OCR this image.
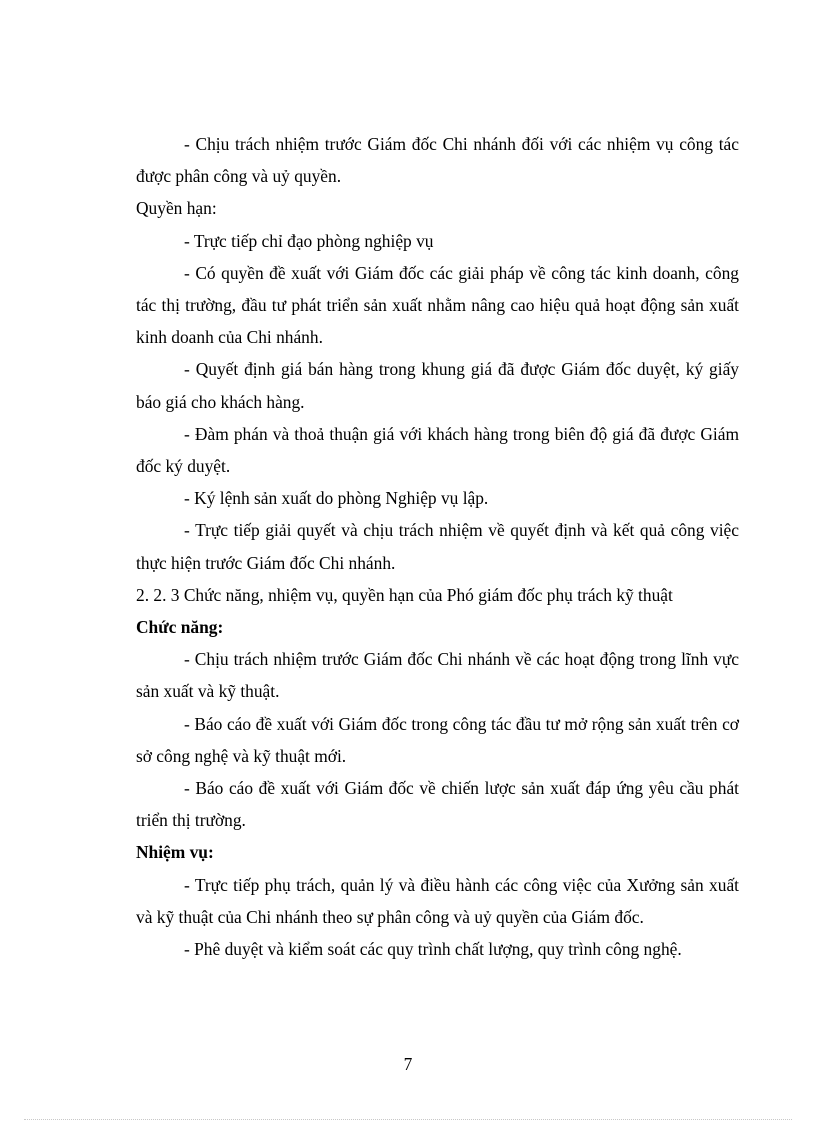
- Chịu trách nhiệm trước Giám đốc Chi nhánh đối với các nhiệm vụ công tác được phân công và uỷ quyền.

Quyền hạn:

- Trực tiếp chỉ đạo phòng nghiệp vụ

- Có quyền đề xuất với Giám đốc các giải pháp về công tác kinh doanh, công tác thị trường, đầu tư phát triển sản xuất nhằm nâng cao hiệu quả hoạt động sản xuất kinh doanh của Chi nhánh.

- Quyết định giá bán hàng trong khung giá đã được Giám đốc duyệt, ký giấy báo giá cho khách hàng.

- Đàm phán và thoả thuận giá với khách hàng trong biên độ giá đã được Giám đốc ký duyệt.

- Ký lệnh sản xuất do phòng Nghiệp vụ lập.

- Trực tiếp giải quyết và chịu trách nhiệm về quyết định và kết quả công việc thực hiện trước Giám đốc Chi nhánh.

2. 2. 3 Chức năng, nhiệm vụ, quyền hạn của Phó giám đốc phụ trách kỹ thuật

Chức năng:

- Chịu trách nhiệm trước Giám đốc Chi nhánh về các hoạt động trong lĩnh vực sản xuất và kỹ thuật.

- Báo cáo đề xuất với Giám đốc trong công tác đầu tư mở rộng sản xuất trên cơ sở công nghệ và kỹ thuật mới.

- Báo cáo đề xuất với Giám đốc về chiến lược sản xuất đáp ứng yêu cầu phát triển thị trường.

Nhiệm vụ:

- Trực tiếp phụ trách, quản lý và điều hành các công việc của Xưởng sản xuất và kỹ thuật của Chi nhánh theo sự phân công và uỷ quyền của Giám đốc.

- Phê duyệt và kiểm soát các quy trình chất lượng, quy trình công nghệ.

7
